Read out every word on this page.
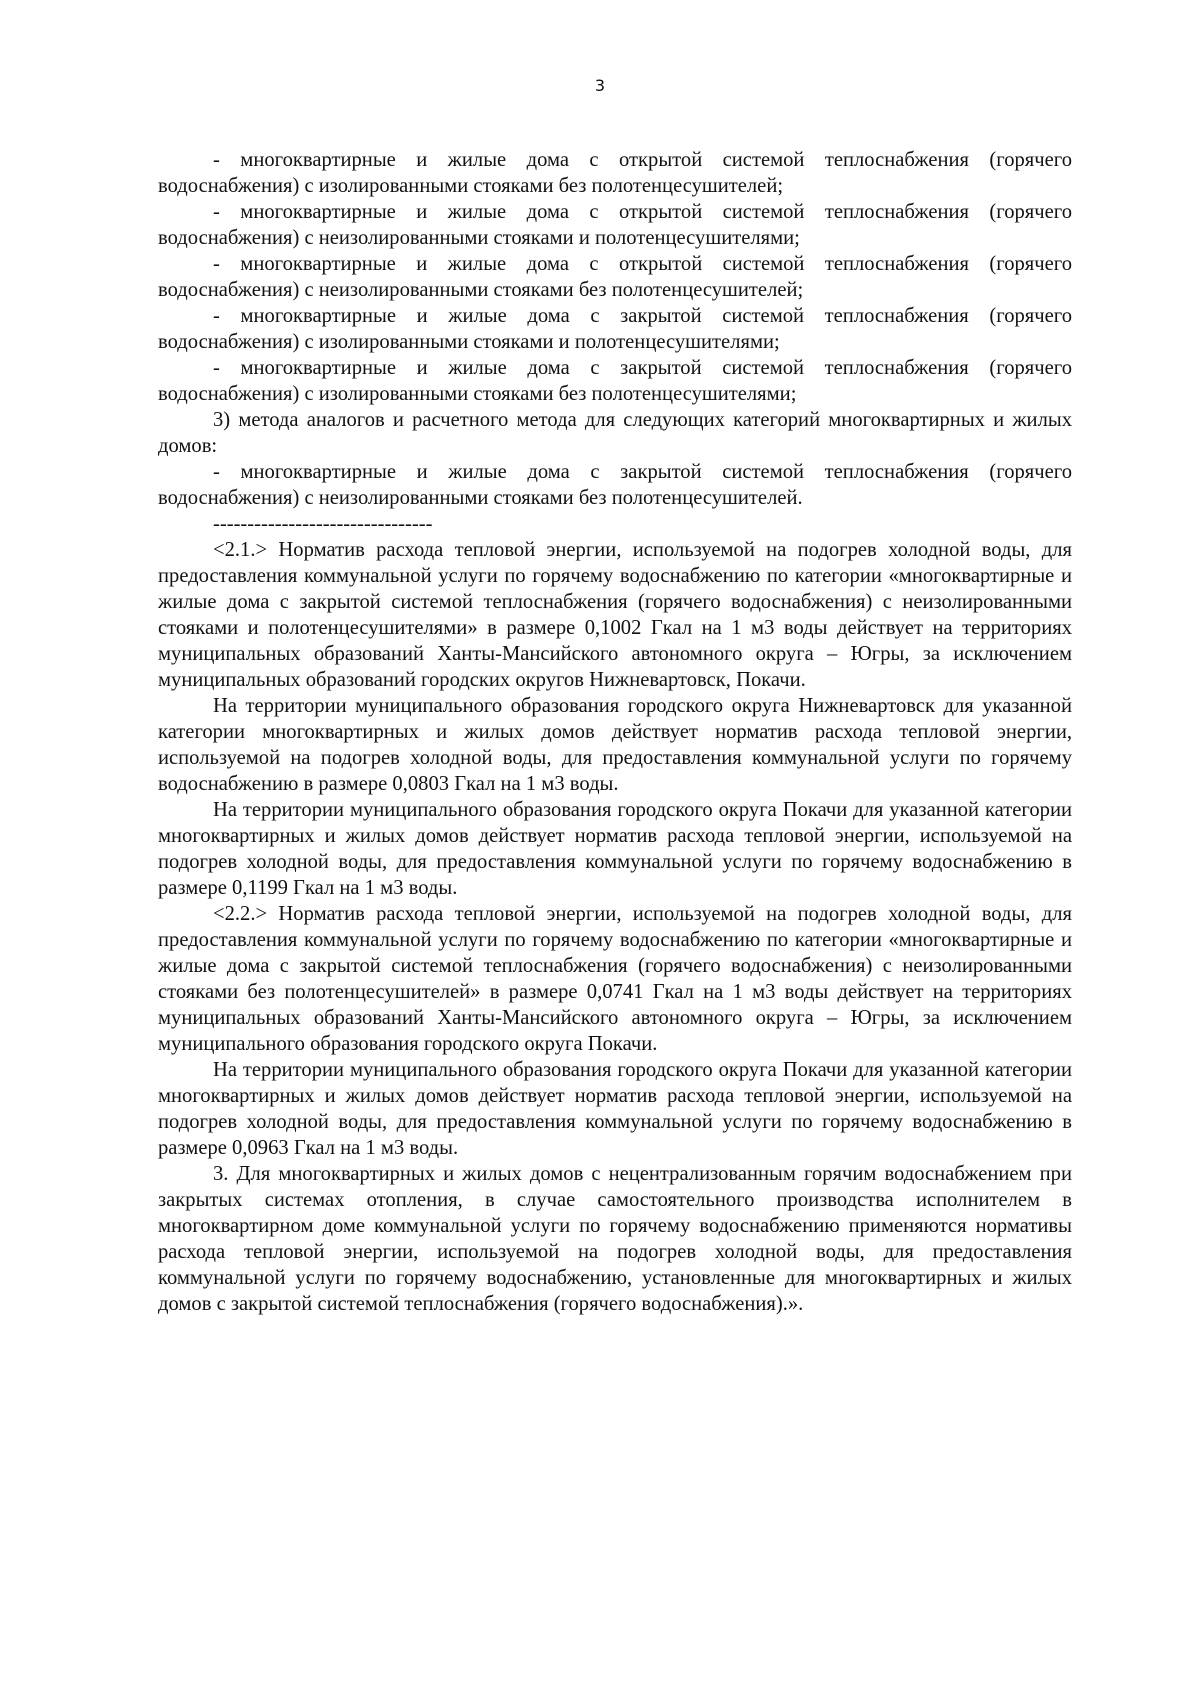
3

- многоквартирные и жилые дома с открытой системой теплоснабжения (горячего водоснабжения) с изолированными стояками без полотенцесушителей;

- многоквартирные и жилые дома с открытой системой теплоснабжения (горячего водоснабжения) с неизолированными стояками и полотенцесушителями;

- многоквартирные и жилые дома с открытой системой теплоснабжения (горячего водоснабжения) с неизолированными стояками без полотенцесушителей;

- многоквартирные и жилые дома с закрытой системой теплоснабжения (горячего водоснабжения) с изолированными стояками и полотенцесушителями;

- многоквартирные и жилые дома с закрытой системой теплоснабжения (горячего водоснабжения) с изолированными стояками без полотенцесушителями;

3) метода аналогов и расчетного метода для следующих категорий многоквартирных и жилых домов:

- многоквартирные и жилые дома с закрытой системой теплоснабжения (горячего водоснабжения) с неизолированными стояками без полотенцесушителей.

--------------------------------

<2.1.> Норматив расхода тепловой энергии, используемой на подогрев холодной воды, для предоставления коммунальной услуги по горячему водоснабжению по категории «многоквартирные и жилые дома с закрытой системой теплоснабжения (горячего водоснабжения) с неизолированными стояками и полотенцесушителями» в размере 0,1002 Гкал на 1 м3 воды действует на территориях муниципальных образований Ханты-Мансийского автономного округа – Югры, за исключением муниципальных образований городских округов Нижневартовск, Покачи.

На территории муниципального образования городского округа Нижневартовск для указанной категории многоквартирных и жилых домов действует норматив расхода тепловой энергии, используемой на подогрев холодной воды, для предоставления коммунальной услуги по горячему водоснабжению в размере 0,0803 Гкал на 1 м3 воды.

На территории муниципального образования городского округа Покачи для указанной категории многоквартирных и жилых домов действует норматив расхода тепловой энергии, используемой на подогрев холодной воды, для предоставления коммунальной услуги по горячему водоснабжению в размере 0,1199 Гкал на 1 м3 воды.

<2.2.> Норматив расхода тепловой энергии, используемой на подогрев холодной воды, для предоставления коммунальной услуги по горячему водоснабжению по категории «многоквартирные и жилые дома с закрытой системой теплоснабжения (горячего водоснабжения) с неизолированными стояками без полотенцесушителей» в размере 0,0741 Гкал на 1 м3 воды действует на территориях муниципальных образований Ханты-Мансийского автономного округа – Югры, за исключением муниципального образования городского округа Покачи.

На территории муниципального образования городского округа Покачи для указанной категории многоквартирных и жилых домов действует норматив расхода тепловой энергии, используемой на подогрев холодной воды, для предоставления коммунальной услуги по горячему водоснабжению в размере 0,0963 Гкал на 1 м3 воды.

3. Для многоквартирных и жилых домов с нецентрализованным горячим водоснабжением при закрытых системах отопления, в случае самостоятельного производства исполнителем в многоквартирном доме коммунальной услуги по горячему водоснабжению применяются нормативы расхода тепловой энергии, используемой на подогрев холодной воды, для предоставления коммунальной услуги по горячему водоснабжению, установленные для многоквартирных и жилых домов с закрытой системой теплоснабжения (горячего водоснабжения).».
